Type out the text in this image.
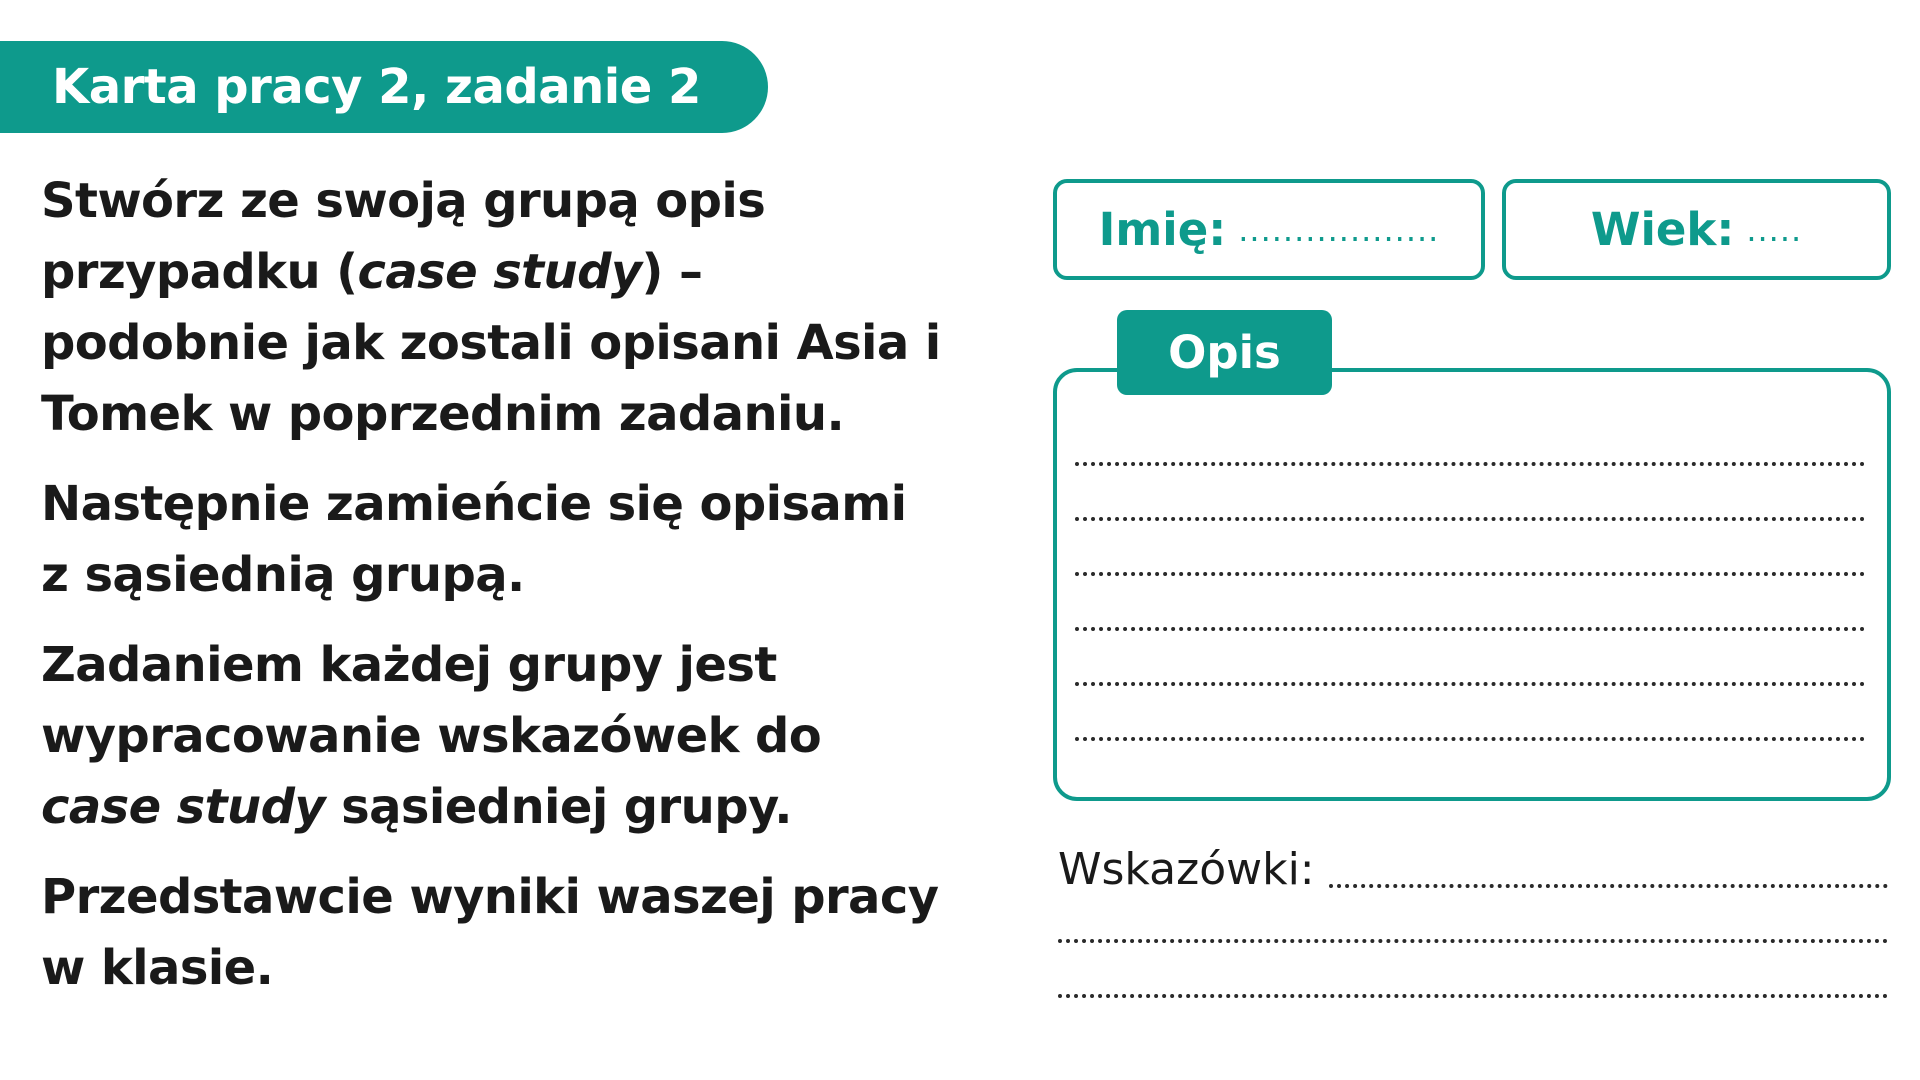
Karta pracy 2, zadanie 2

Stwórz ze swoją grupą opis przypadku (case study) – podobnie jak zostali opisani Asia i Tomek w poprzednim zadaniu.

Następnie zamieńcie się opisami z sąsiednią grupą.

Zadaniem każdej grupy jest wypracowanie wskazówek do case study sąsiedniej grupy.

Przedstawcie wyniki waszej pracy w klasie.

Imię: ..................	Wiek: .....
Opis
Wskazówki:
